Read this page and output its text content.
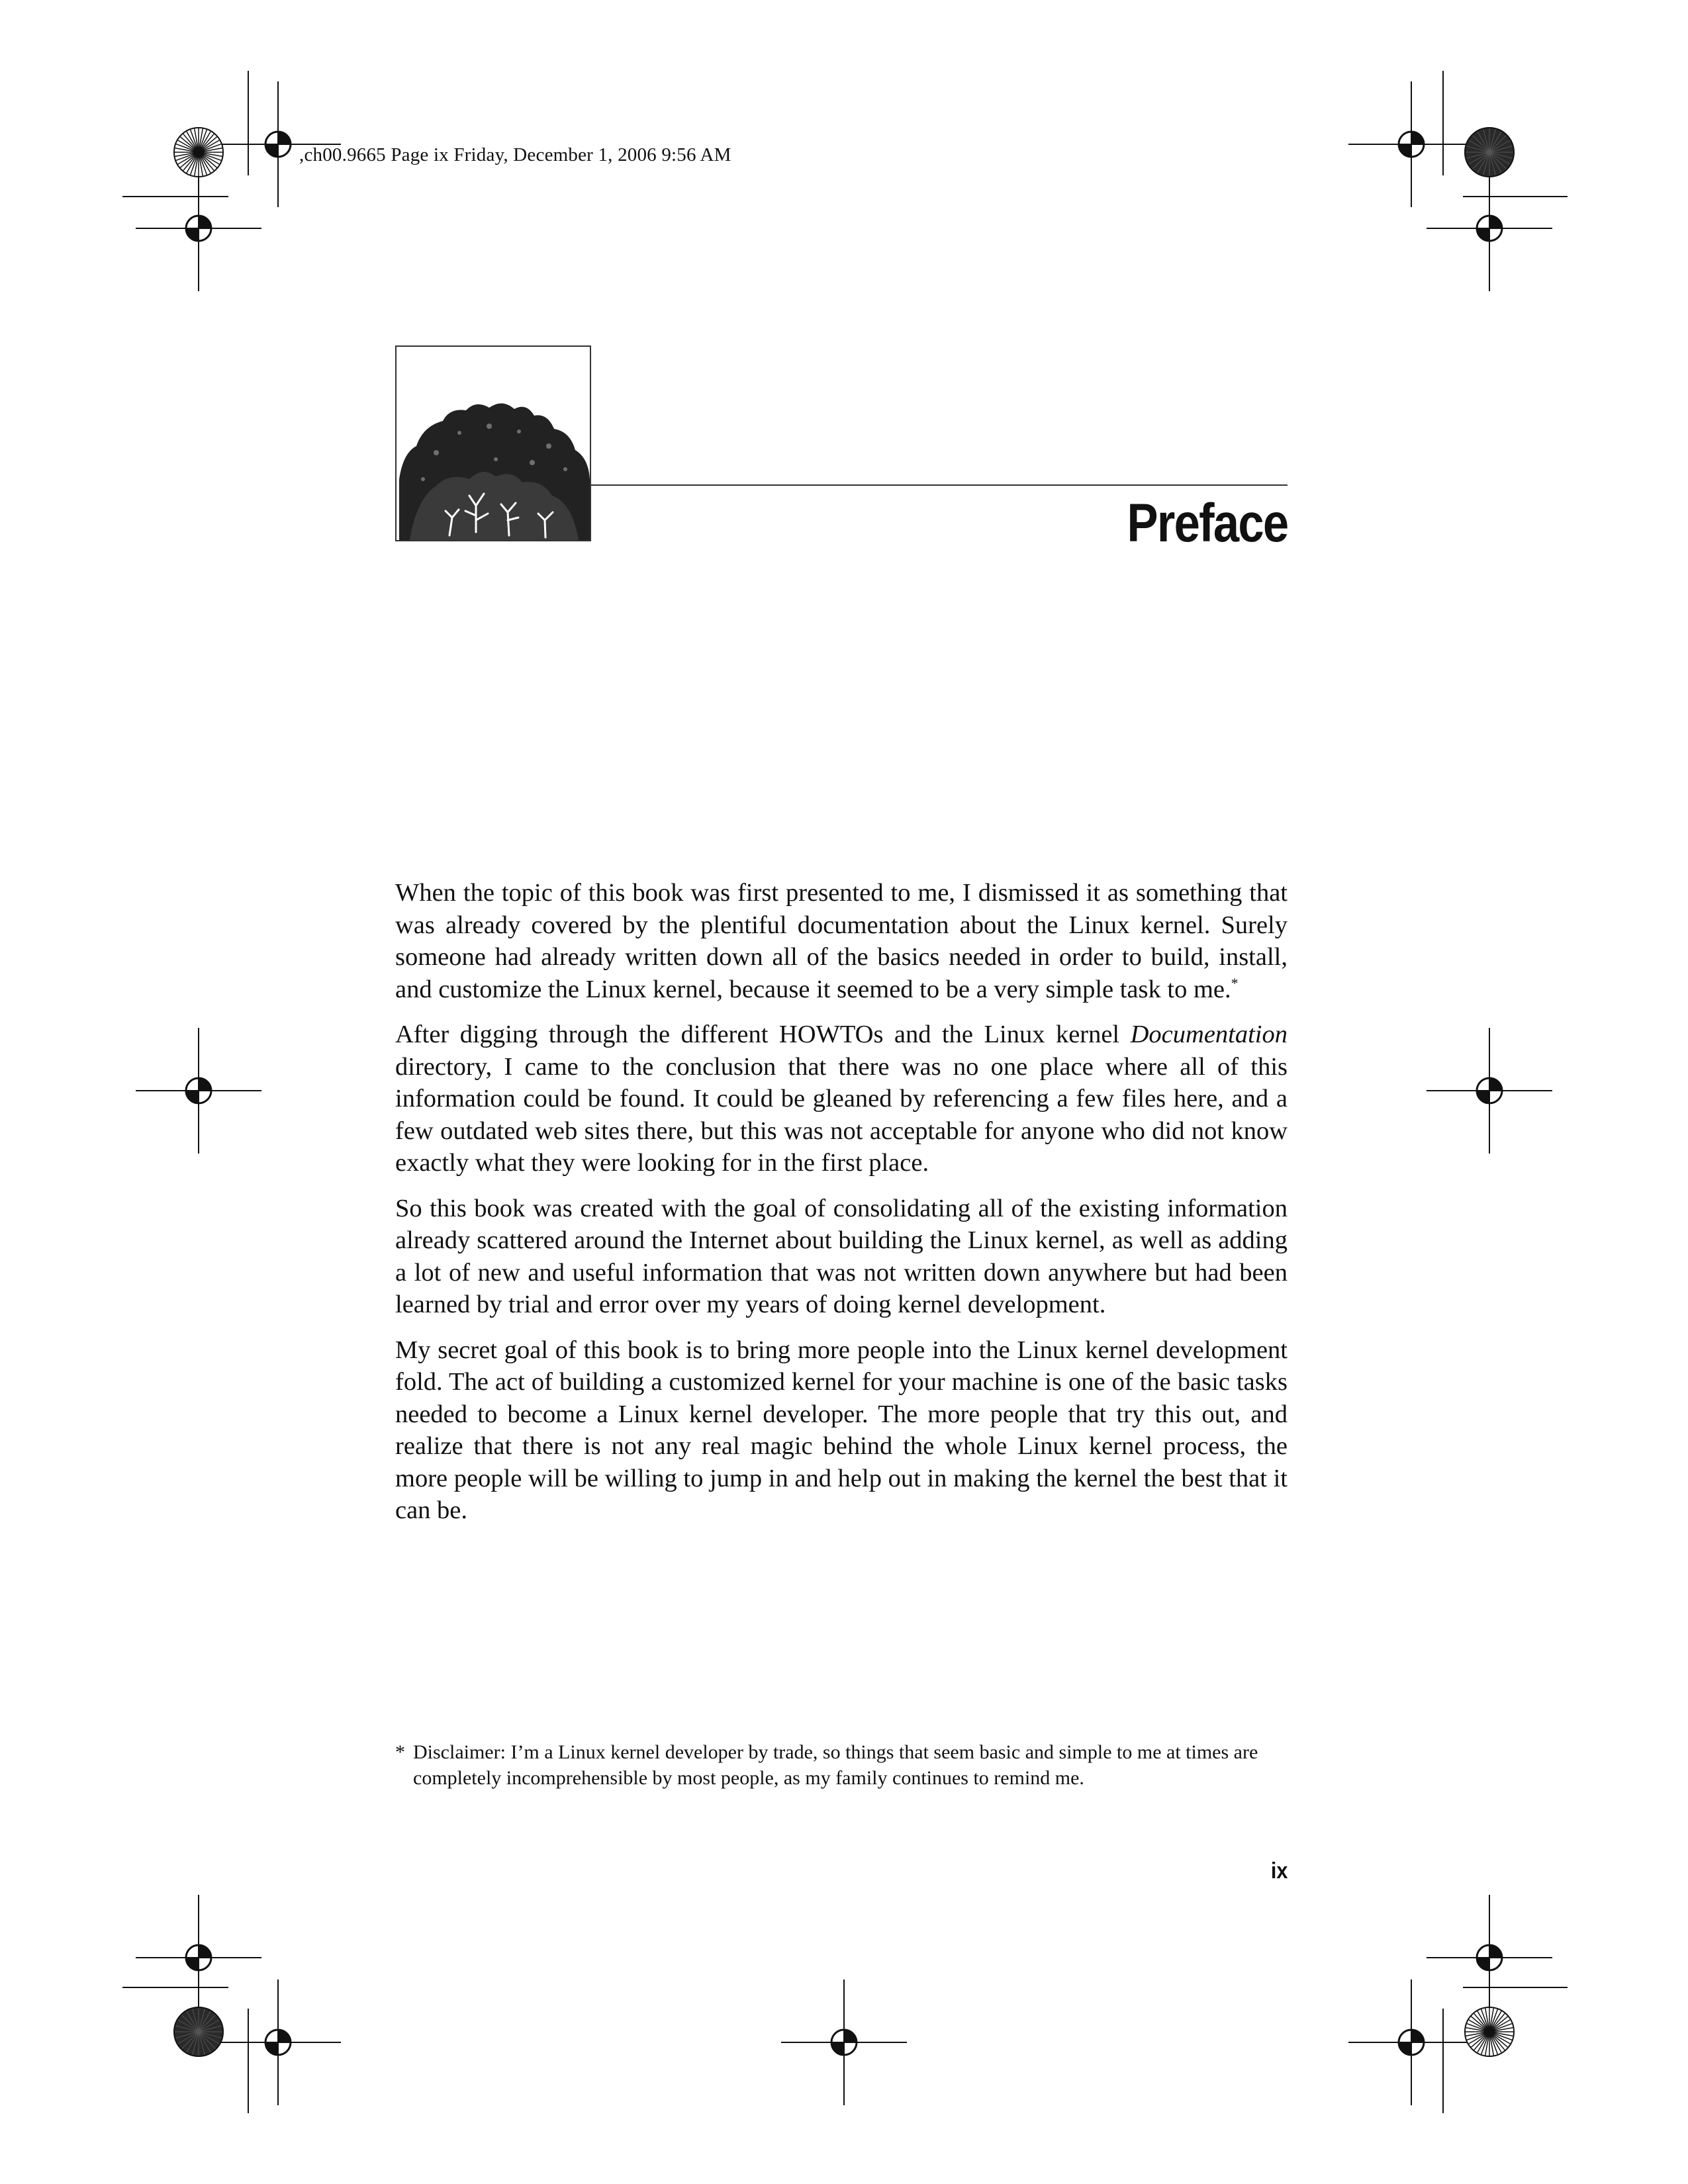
,ch00.9665 Page ix Friday, December 1, 2006 9:56 AM
Preface

When the topic of this book was first presented to me, I dismissed it as something that was already covered by the plentiful documentation about the Linux kernel. Surely someone had already written down all of the basics needed in order to build, install, and customize the Linux kernel, because it seemed to be a very simple task to me.*

After digging through the different HOWTOs and the Linux kernel Documentation directory, I came to the conclusion that there was no one place where all of this information could be found. It could be gleaned by referencing a few files here, and a few outdated web sites there, but this was not acceptable for anyone who did not know exactly what they were looking for in the first place.

So this book was created with the goal of consolidating all of the existing information already scattered around the Internet about building the Linux kernel, as well as adding a lot of new and useful information that was not written down anywhere but had been learned by trial and error over my years of doing kernel development.

My secret goal of this book is to bring more people into the Linux kernel development fold. The act of building a customized kernel for your machine is one of the basic tasks needed to become a Linux kernel developer. The more people that try this out, and realize that there is not any real magic behind the whole Linux kernel process, the more people will be willing to jump in and help out in making the kernel the best that it can be.

* Disclaimer: I’m a Linux kernel developer by trade, so things that seem basic and simple to me at times are completely incomprehensible by most people, as my family continues to remind me.
ix
